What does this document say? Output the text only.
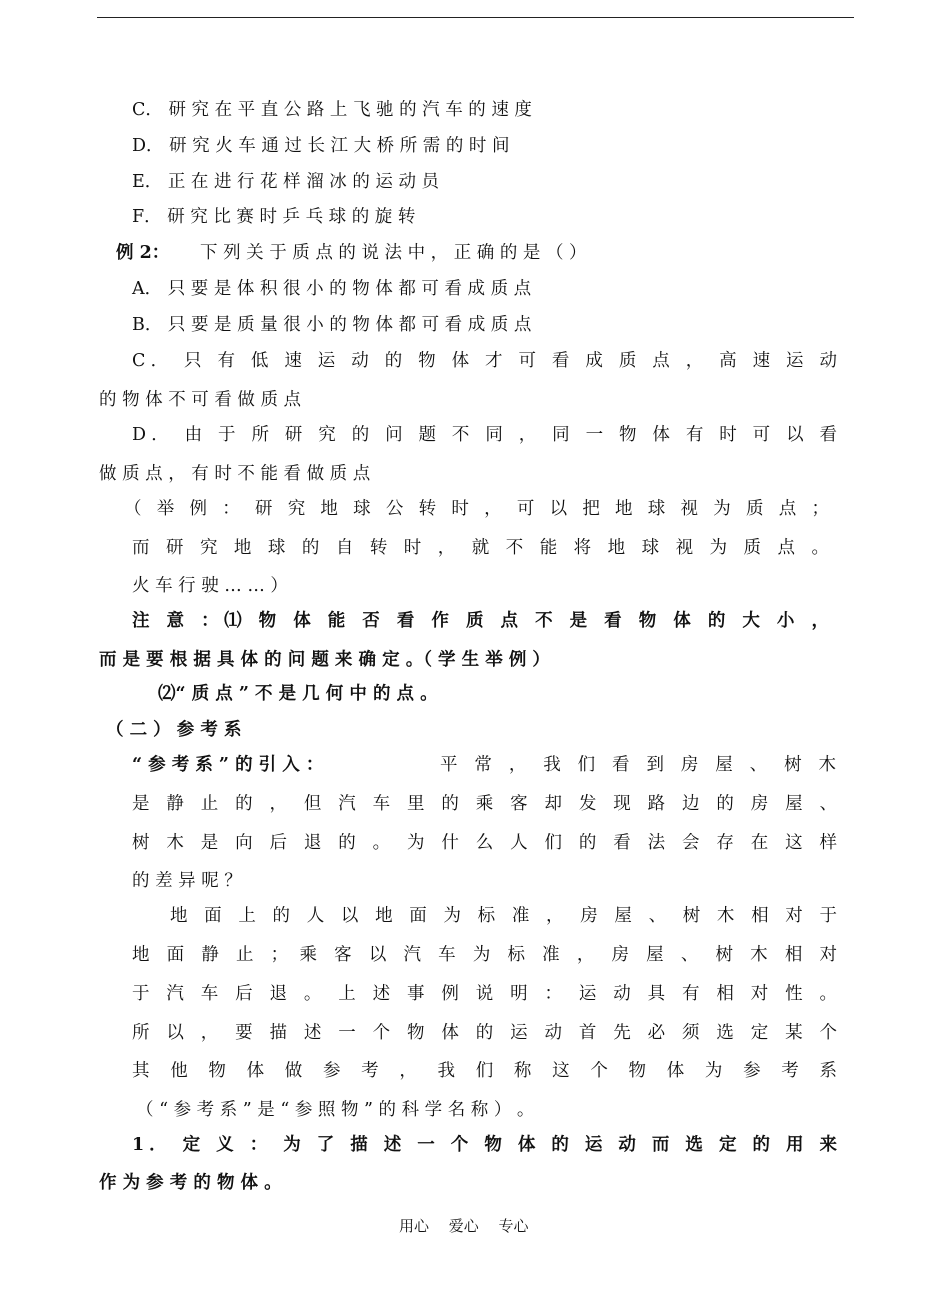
C． 研 究 在 平 直 公 路 上 飞 驰 的 汽 车 的 速 度
D． 研 究 火 车 通 过 长 江 大 桥 所 需 的 时 间
E． 正 在 进 行 花 样 溜 冰 的 运 动 员
F． 研 究 比 赛 时 乒 乓 球 的 旋 转
例 2： 下 列 关 于 质 点 的 说 法 中 ， 正 确 的 是 （ ）
A． 只 要 是 体 积 很 小 的 物 体 都 可 看 成 质 点
B． 只 要 是 质 量 很 小 的 物 体 都 可 看 成 质 点
C． 只 有 低 速 运 动 的 物 体 才 可 看 成 质 点 ， 高 速 运 动
的 物 体 不 可 看 做 质 点
D． 由 于 所 研 究 的 问 题 不 同 ， 同 一 物 体 有 时 可 以 看
做 质 点 ， 有 时 不 能 看 做 质 点
（ 举 例 ： 研 究 地 球 公 转 时 ， 可 以 把 地 球 视 为 质 点 ；
而 研 究 地 球 的 自 转 时 ， 就 不 能 将 地 球 视 为 质 点 。
火 车 行 驶 … … ）
注 意 ：⑴ 物 体 能 否 看 作 质 点 不 是 看 物 体 的 大 小 ，
而 是 要 根 据 具 体 的 问 题 来 确 定 。（ 学 生 举 例 ）
⑵“ 质 点 ” 不 是 几 何 中 的 点 。
（ 二 ） 参 考 系
“ 参 考 系 ” 的 引 入 ：	平 常 ， 我 们 看 到 房 屋 、 树 木
是 静 止 的 ， 但 汽 车 里 的 乘 客 却 发 现 路 边 的 房 屋 、
树 木 是 向 后 退 的 。 为 什 么 人 们 的 看 法 会 存 在 这 样
的 差 异 呢 ？
地 面 上 的 人 以 地 面 为 标 准 ， 房 屋 、 树 木 相 对 于
地 面 静 止 ； 乘 客 以 汽 车 为 标 准 ， 房 屋 、 树 木 相 对
于 汽 车 后 退 。 上 述 事 例 说 明 ： 运 动 具 有 相 对 性 。
所 以 ， 要 描 述 一 个 物 体 的 运 动 首 先 必 须 选 定 某 个
其 他 物 体 做 参 考 ， 我 们 称 这 个 物 体 为 参 考 系
（ “ 参 考 系 ” 是 “ 参 照 物 ” 的 科 学 名 称 ） 。
1． 定 义 ： 为 了 描 述 一 个 物 体 的 运 动 而 选 定 的 用 来
作 为 参 考 的 物 体 。
用心　 爱心　 专心
